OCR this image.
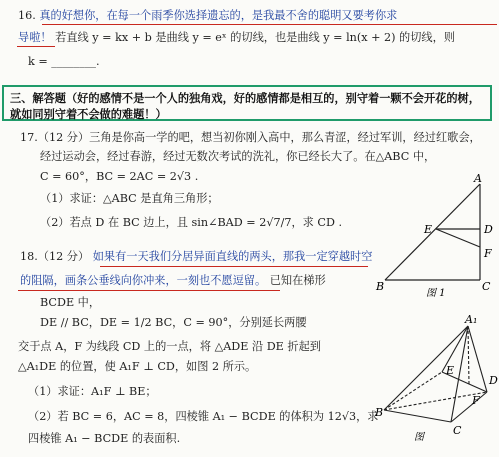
16. 真的好想你，在每一个雨季你选择遗忘的，是我最不舍的聪明又要考你求
导啦！ 若直线 y = kx + b 是曲线 y = eˣ 的切线，也是曲线 y = ln(x + 2) 的切线，则
k = ________.
三、解答题（好的感情不是一个人的独角戏，好的感情都是相互的，别守着一颗不会开花的树，
就如同别守着不会做的难题！）
17.（12 分）三角是你高一学的吧，想当初你刚入高中，那么青涩，经过军训，经过红歌会，
经过运动会，经过春游，经过无数次考试的洗礼，你已经长大了。在△ABC 中，
C = 60°，BC = 2AC = 2√3 .
（1）求证：△ABC 是直角三角形；
（2）若点 D 在 BC 边上，且 sin∠BAD = 2√7/7，求 CD .
18.（12 分） 如果有一天我们分居异面直线的两头，那我一定穿越时空
的阻隔，画条公垂线向你冲来，一刻也不愿逗留。 已知在梯形
BCDE 中，
DE // BC，DE = 1/2 BC，C = 90°，分别延长两腰
交于点 A，F 为线段 CD 上的一点，将 △ADE 沿 DE 折起到
△A₁DE 的位置，使 A₁F ⊥ CD，如图 2 所示。
（1）求证：A₁F ⊥ BE；
（2）若 BC = 6，AC = 8，四棱锥 A₁ − BCDE 的体积为 12√3，求
四棱锥 A₁ − BCDE 的表面积.
A
E	D
F
B	C
图 1
A₁
E
D
F
B
C
图
